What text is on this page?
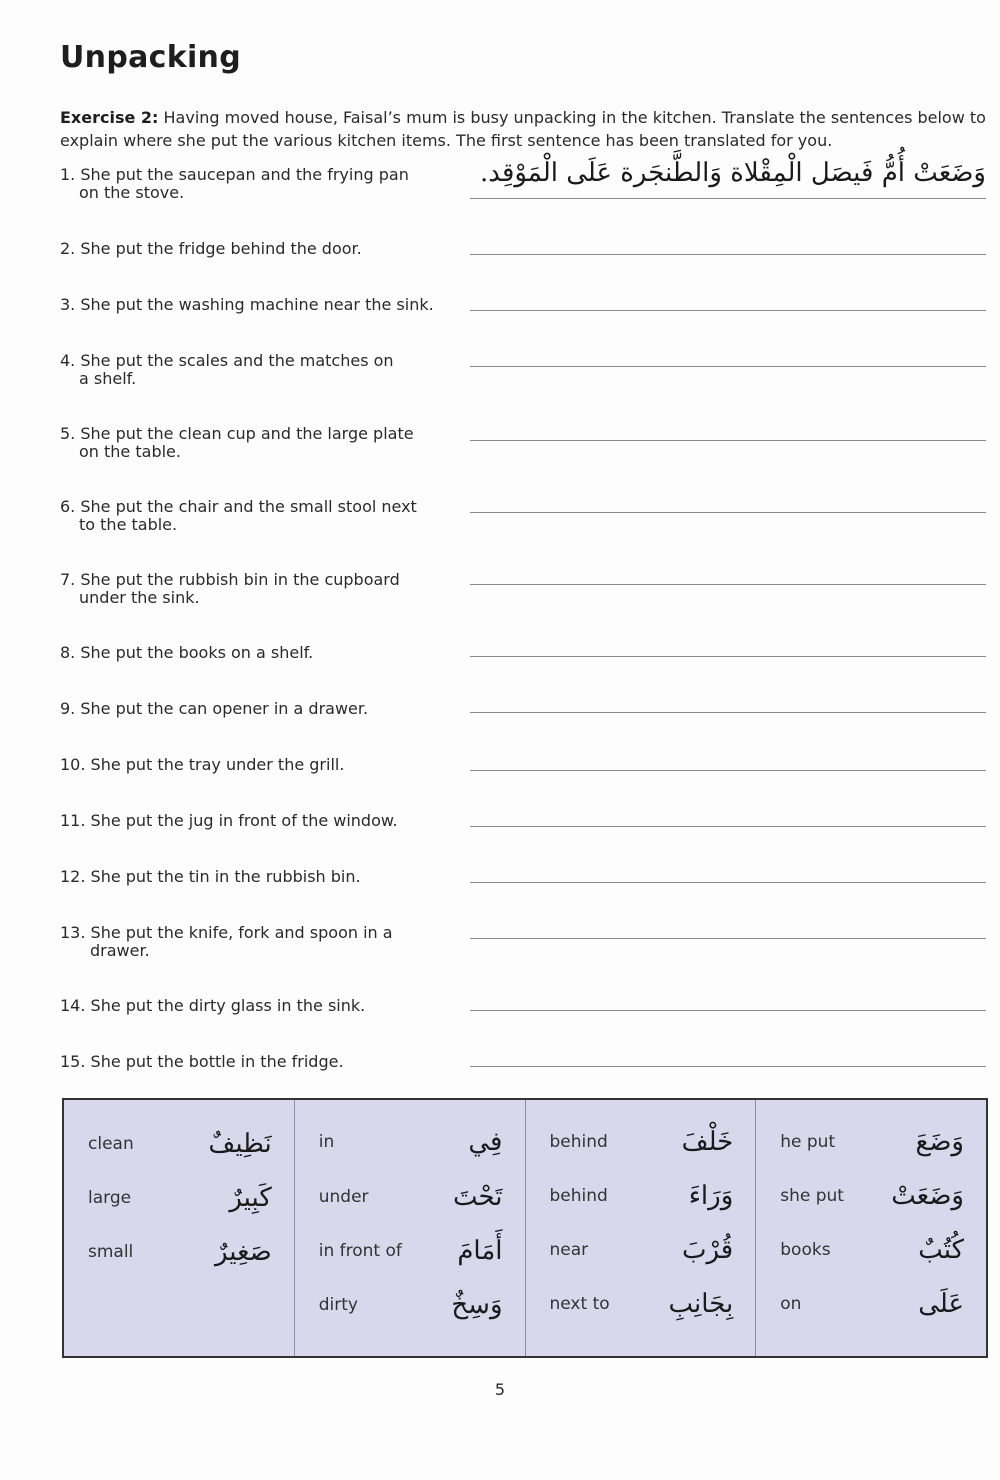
Unpacking
Exercise 2: Having moved house, Faisal’s mum is busy unpacking in the kitchen. Translate the sentences below to explain where she put the various kitchen items. The first sentence has been translated for you.
1. She put the saucepan and the frying pan
on the stove.
وَضَعَتْ أُمُّ فَيصَل الْمِقْلاة وَالطَّنجَرة عَلَى الْمَوْقِد.
2. She put the fridge behind the door.
3. She put the washing machine near the sink.
4. She put the scales and the matches on
a shelf.
5. She put the clean cup and the large plate
on the table.
6. She put the chair and the small stool next
to the table.
7. She put the rubbish bin in the cupboard
under the sink.
8. She put the books on a shelf.
9. She put the can opener in a drawer.
10. She put the tray under the grill.
11. She put the jug in front of the window.
12. She put the tin in the rubbish bin.
13. She put the knife, fork and spoon in a
drawer.
14. She put the dirty glass in the sink.
15. She put the bottle in the fridge.
clean	نَظِيفٌ
large	كَبِيرٌ
small	صَغِيرٌ
in	فِي
under	تَحْتَ
in front of أَمَامَ
dirty	وَسِخٌ
behind	خَلْفَ
behind	وَرَاءَ
near	قُرْبَ
next to بِجَانِبِ
he put	وَضَعَ
she put وَضَعَتْ
books	كُتُبٌ
on	عَلَى
5
